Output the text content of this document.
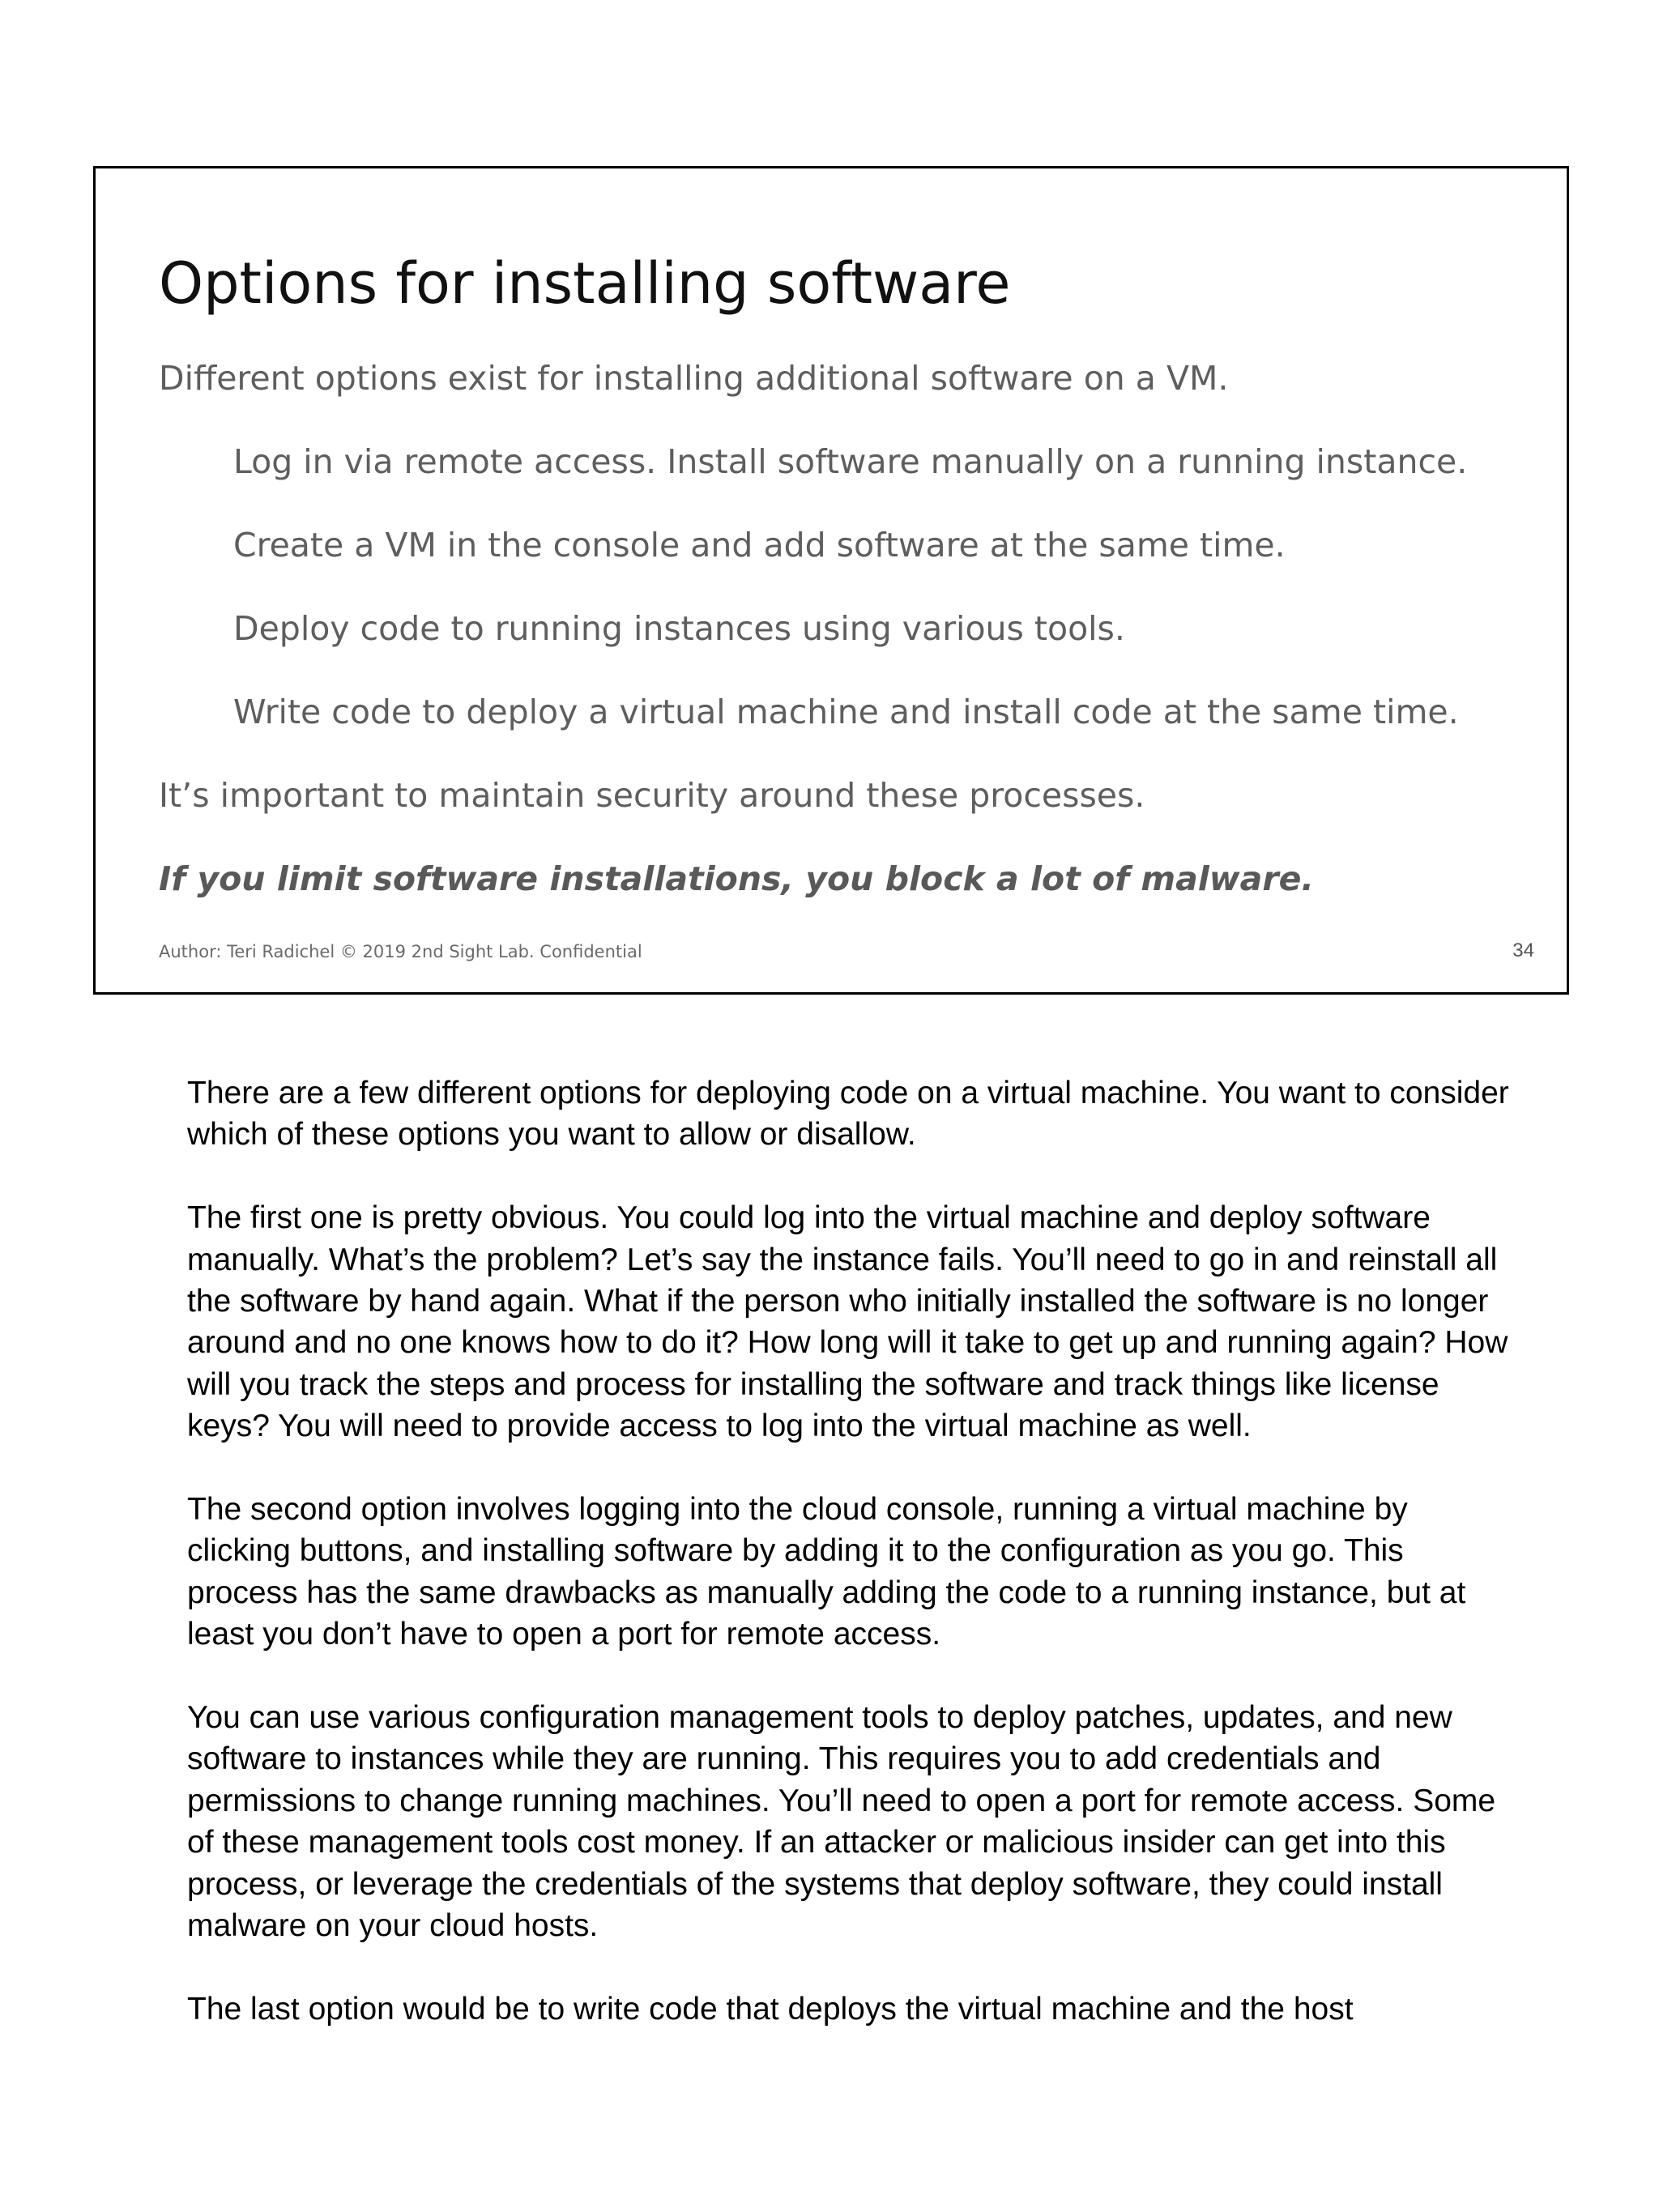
Options for installing software
Different options exist for installing additional software on a VM.
Log in via remote access. Install software manually on a running instance.
Create a VM in the console and add software at the same time.
Deploy code to running instances using various tools.
Write code to deploy a virtual machine and install code at the same time.
It’s important to maintain security around these processes.
If you limit software installations, you block a lot of malware.
Author: Teri Radichel © 2019 2nd Sight Lab. Confidential	34

There are a few different options for deploying code on a virtual machine. You want to consider which of these options you want to allow or disallow.

The first one is pretty obvious. You could log into the virtual machine and deploy software manually. What’s the problem? Let’s say the instance fails. You’ll need to go in and reinstall all the software by hand again. What if the person who initially installed the software is no longer around and no one knows how to do it? How long will it take to get up and running again? How will you track the steps and process for installing the software and track things like license keys? You will need to provide access to log into the virtual machine as well.

The second option involves logging into the cloud console, running a virtual machine by clicking buttons, and installing software by adding it to the configuration as you go. This process has the same drawbacks as manually adding the code to a running instance, but at least you don’t have to open a port for remote access.

You can use various configuration management tools to deploy patches, updates, and new software to instances while they are running. This requires you to add credentials and permissions to change running machines. You’ll need to open a port for remote access. Some of these management tools cost money. If an attacker or malicious insider can get into this process, or leverage the credentials of the systems that deploy software, they could install malware on your cloud hosts.

The last option would be to write code that deploys the virtual machine and the host
